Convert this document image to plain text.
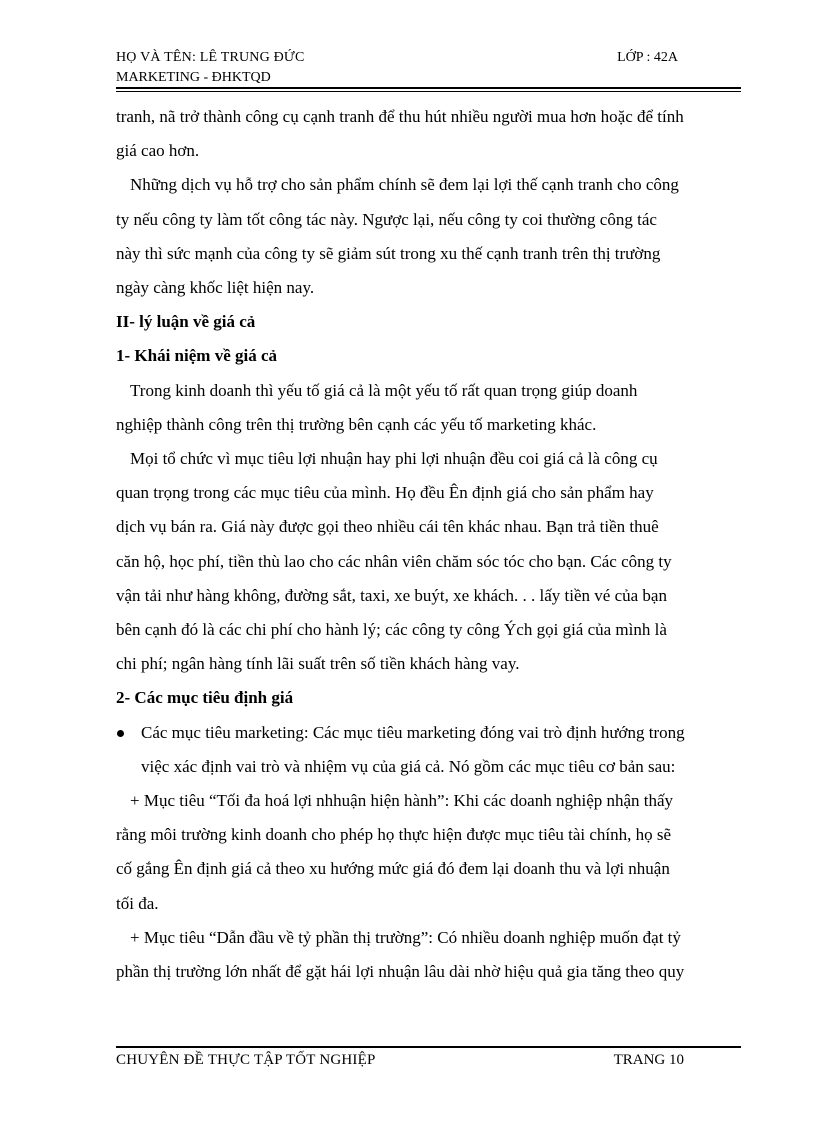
HỌ VÀ TÊN: LÊ TRUNG ĐỨC	LỚP : 42A
MARKETING - ĐHKTQD
tranh, nã trở thành công cụ cạnh tranh để thu hút nhiều người mua hơn hoặc để tính
giá cao hơn.
Những dịch vụ hỗ trợ cho sản phẩm chính sẽ đem lại lợi thế cạnh tranh cho công
ty nếu công ty làm tốt công tác này. Ngược lại, nếu công ty coi thường công tác
này thì sức mạnh của công ty sẽ giảm sút trong xu thế cạnh tranh trên thị trường
ngày càng khốc liệt hiện nay.
II- lý luận về giá cả
1- Khái niệm về giá cả
Trong kinh doanh thì yếu tố giá cả là một yếu tố rất quan trọng giúp doanh
nghiệp thành công trên thị trường bên cạnh các yếu tố marketing khác.
Mọi tổ chức vì mục tiêu lợi nhuận hay phi lợi nhuận đều coi giá cả là công cụ
quan trọng trong các mục tiêu của mình. Họ đều Ên định giá cho sản phẩm hay
dịch vụ bán ra. Giá này được gọi theo nhiều cái tên khác nhau. Bạn trả tiền thuê
căn hộ, học phí, tiền thù lao cho các nhân viên chăm sóc tóc cho bạn. Các công ty
vận tải như hàng không, đường sắt, taxi, xe buýt, xe khách. . . lấy tiền vé của bạn
bên cạnh đó là các chi phí cho hành lý; các công ty công Ých gọi giá của mình là
chi phí; ngân hàng tính lãi suất trên số tiền khách hàng vay.
2- Các mục tiêu định giá
Các mục tiêu marketing: Các mục tiêu marketing đóng vai trò định hướng trong
việc xác định vai trò và nhiệm vụ của giá cả. Nó gồm các mục tiêu cơ bản sau:
+ Mục tiêu “Tối đa hoá lợi nhhuận hiện hành”: Khi các doanh nghiệp nhận thấy
rằng môi trường kinh doanh cho phép họ thực hiện được mục tiêu tài chính, họ sẽ
cố gắng Ên định giá cả theo xu hướng mức giá đó đem lại doanh thu và lợi nhuận
tối đa.
+ Mục tiêu “Dẫn đầu về tỷ phần thị trường”: Có nhiều doanh nghiệp muốn đạt tỷ
phần thị trường lớn nhất để gặt hái lợi nhuận lâu dài nhờ hiệu quả gia tăng theo quy
CHUYÊN ĐỀ THỰC TẬP TỐT NGHIỆP	TRANG 10
